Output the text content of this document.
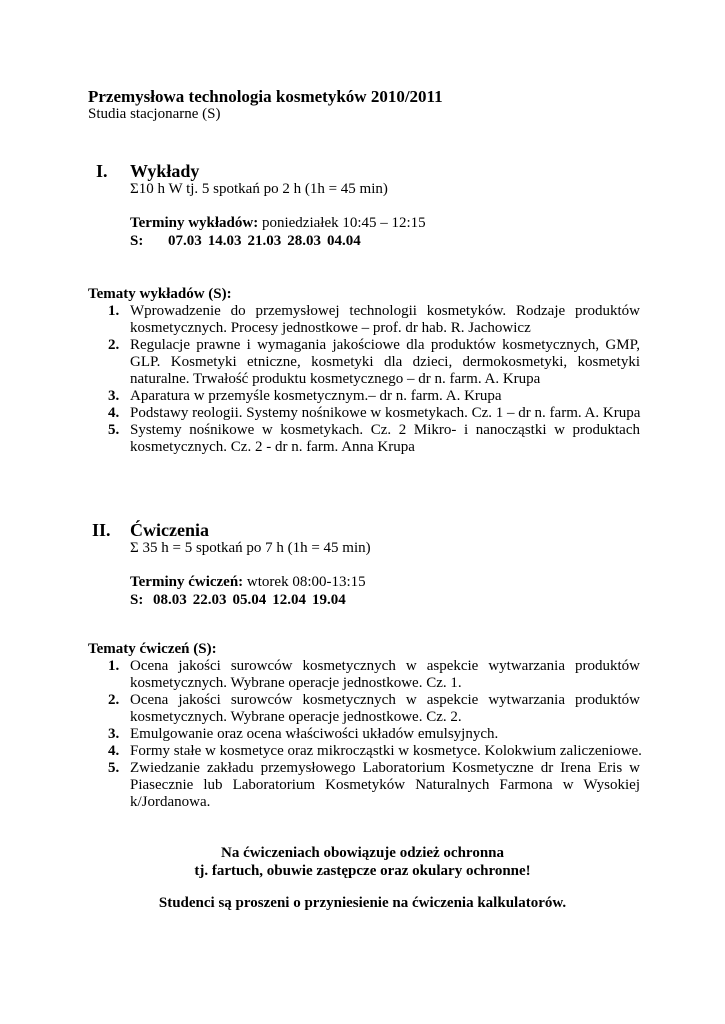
Przemysłowa technologia kosmetyków 2010/2011
Studia stacjonarne (S)
I. Wykłady
Σ10 h W tj. 5 spotkań po 2 h (1h = 45 min)
Terminy wykładów: poniedziałek 10:45 – 12:15
S: 07.03 14.03 21.03 28.03 04.04
Tematy wykładów (S):
1. Wprowadzenie do przemysłowej technologii kosmetyków. Rodzaje produktów
kosmetycznych. Procesy jednostkowe – prof. dr hab. R. Jachowicz
2. Regulacje prawne i wymagania jakościowe dla produktów kosmetycznych, GMP,
GLP. Kosmetyki etniczne, kosmetyki dla dzieci, dermokosmetyki, kosmetyki
naturalne. Trwałość produktu kosmetycznego – dr n. farm. A. Krupa
3. Aparatura w przemyśle kosmetycznym.– dr n. farm. A. Krupa
4. Podstawy reologii. Systemy nośnikowe w kosmetykach. Cz. 1 – dr n. farm. A. Krupa
5. Systemy nośnikowe w kosmetykach. Cz. 2 Mikro- i nanocząstki w produktach
kosmetycznych. Cz. 2 - dr n. farm. Anna Krupa
II. Ćwiczenia
Σ 35 h = 5 spotkań po 7 h (1h = 45 min)
Terminy ćwiczeń: wtorek 08:00-13:15
S: 08.03 22.03 05.04 12.04 19.04
Tematy ćwiczeń (S):
1. Ocena jakości surowców kosmetycznych w aspekcie wytwarzania produktów
kosmetycznych. Wybrane operacje jednostkowe. Cz. 1.
2. Ocena jakości surowców kosmetycznych w aspekcie wytwarzania produktów
kosmetycznych. Wybrane operacje jednostkowe. Cz. 2.
3. Emulgowanie oraz ocena właściwości układów emulsyjnych.
4. Formy stałe w kosmetyce oraz mikrocząstki w kosmetyce. Kolokwium zaliczeniowe.
5. Zwiedzanie zakładu przemysłowego Laboratorium Kosmetyczne dr Irena Eris w
Piasecznie lub Laboratorium Kosmetyków Naturalnych Farmona w Wysokiej
k/Jordanowa.
Na ćwiczeniach obowiązuje odzież ochronna
tj. fartuch, obuwie zastępcze oraz okulary ochronne!
Studenci są proszeni o przyniesienie na ćwiczenia kalkulatorów.
